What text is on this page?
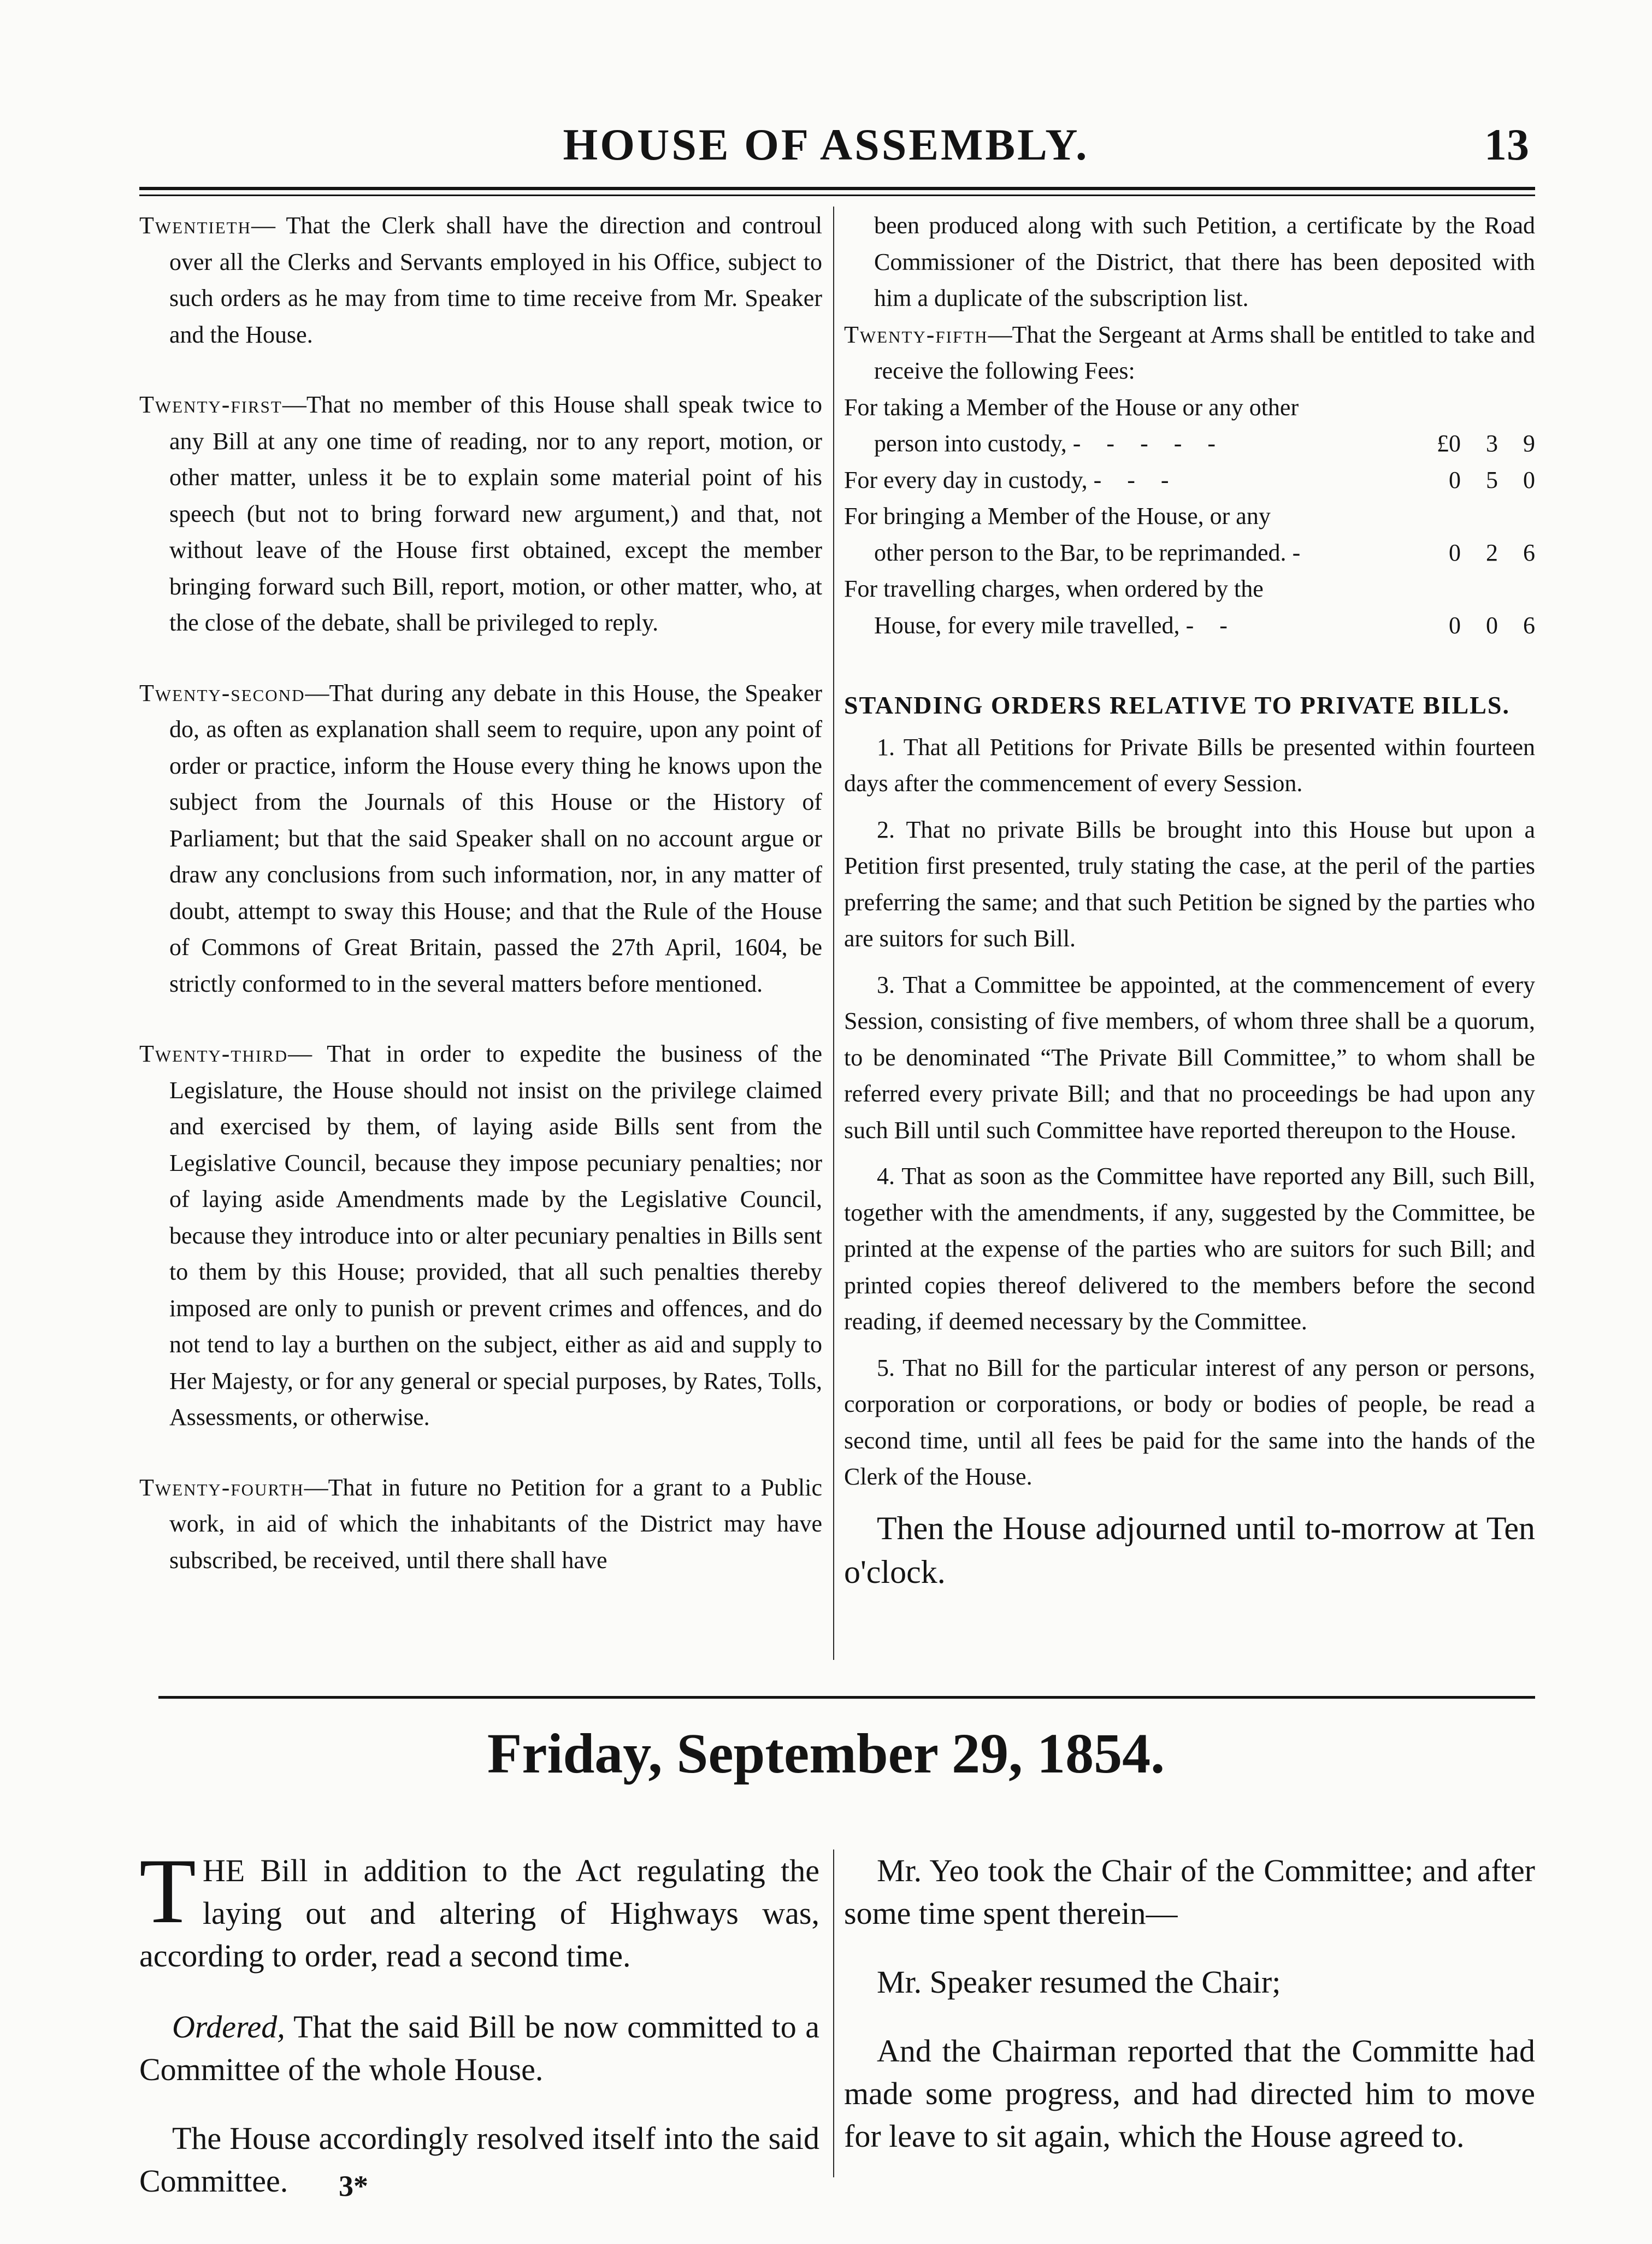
HOUSE OF ASSEMBLY.	13

Twentieth— That the Clerk shall have the direction and controul over all the Clerks and Servants employed in his Office, subject to such orders as he may from time to time receive from Mr. Speaker and the House.

Twenty-first—That no member of this House shall speak twice to any Bill at any one time of reading, nor to any report, motion, or other matter, unless it be to explain some material point of his speech (but not to bring forward new argument,) and that, not without leave of the House first obtained, except the member bringing forward such Bill, report, motion, or other matter, who, at the close of the debate, shall be privileged to reply.

Twenty-second—That during any debate in this House, the Speaker do, as often as explanation shall seem to require, upon any point of order or practice, inform the House every thing he knows upon the subject from the Journals of this House or the History of Parliament; but that the said Speaker shall on no account argue or draw any conclusions from such information, nor, in any matter of doubt, attempt to sway this House; and that the Rule of the House of Commons of Great Britain, passed the 27th April, 1604, be strictly conformed to in the several matters before mentioned.

Twenty-third— That in order to expedite the business of the Legislature, the House should not insist on the privilege claimed and exercised by them, of laying aside Bills sent from the Legislative Council, because they impose pecuniary penalties; nor of laying aside Amendments made by the Legislative Council, because they introduce into or alter pecuniary penalties in Bills sent to them by this House; provided, that all such penalties thereby imposed are only to punish or prevent crimes and offences, and do not tend to lay a burthen on the subject, either as aid and supply to Her Majesty, or for any general or special purposes, by Rates, Tolls, Assessments, or otherwise.

Twenty-fourth—That in future no Petition for a grant to a Public work, in aid of which the inhabitants of the District may have subscribed, be received, until there shall have

been produced along with such Petition, a certificate by the Road Commissioner of the District, that there has been deposited with him a duplicate of the subscription list.

Twenty-fifth—That the Sergeant at Arms shall be entitled to take and receive the following Fees:

For taking a Member of the House or any other
person into custody, - - - - -	£0	3	9
For every day in custody, - - -	0	5	0
For bringing a Member of the House, or any
other person to the Bar, to be reprimanded. -	0	2	6
For travelling charges, when ordered by the
House, for every mile travelled, - -	0	0	6
STANDING ORDERS RELATIVE TO PRIVATE BILLS.

1. That all Petitions for Private Bills be presented within fourteen days after the commencement of every Session.

2. That no private Bills be brought into this House but upon a Petition first presented, truly stating the case, at the peril of the parties preferring the same; and that such Petition be signed by the parties who are suitors for such Bill.

3. That a Committee be appointed, at the commencement of every Session, consisting of five members, of whom three shall be a quorum, to be denominated “The Private Bill Committee,” to whom shall be referred every private Bill; and that no proceedings be had upon any such Bill until such Committee have reported thereupon to the House.

4. That as soon as the Committee have reported any Bill, such Bill, together with the amendments, if any, suggested by the Committee, be printed at the expense of the parties who are suitors for such Bill; and printed copies thereof delivered to the members before the second reading, if deemed necessary by the Committee.

5. That no Bill for the particular interest of any person or persons, corporation or corporations, or body or bodies of people, be read a second time, until all fees be paid for the same into the hands of the Clerk of the House.

Then the House adjourned until to-morrow at Ten o'clock.

Friday, September 29, 1854.

THE Bill in addition to the Act regulating the laying out and altering of Highways was, according to order, read a second time.

Ordered, That the said Bill be now committed to a Committee of the whole House.

The House accordingly resolved itself into the said Committee.

Mr. Yeo took the Chair of the Committee; and after some time spent therein—

Mr. Speaker resumed the Chair;

And the Chairman reported that the Committe had made some progress, and had directed him to move for leave to sit again, which the House agreed to.

3*
